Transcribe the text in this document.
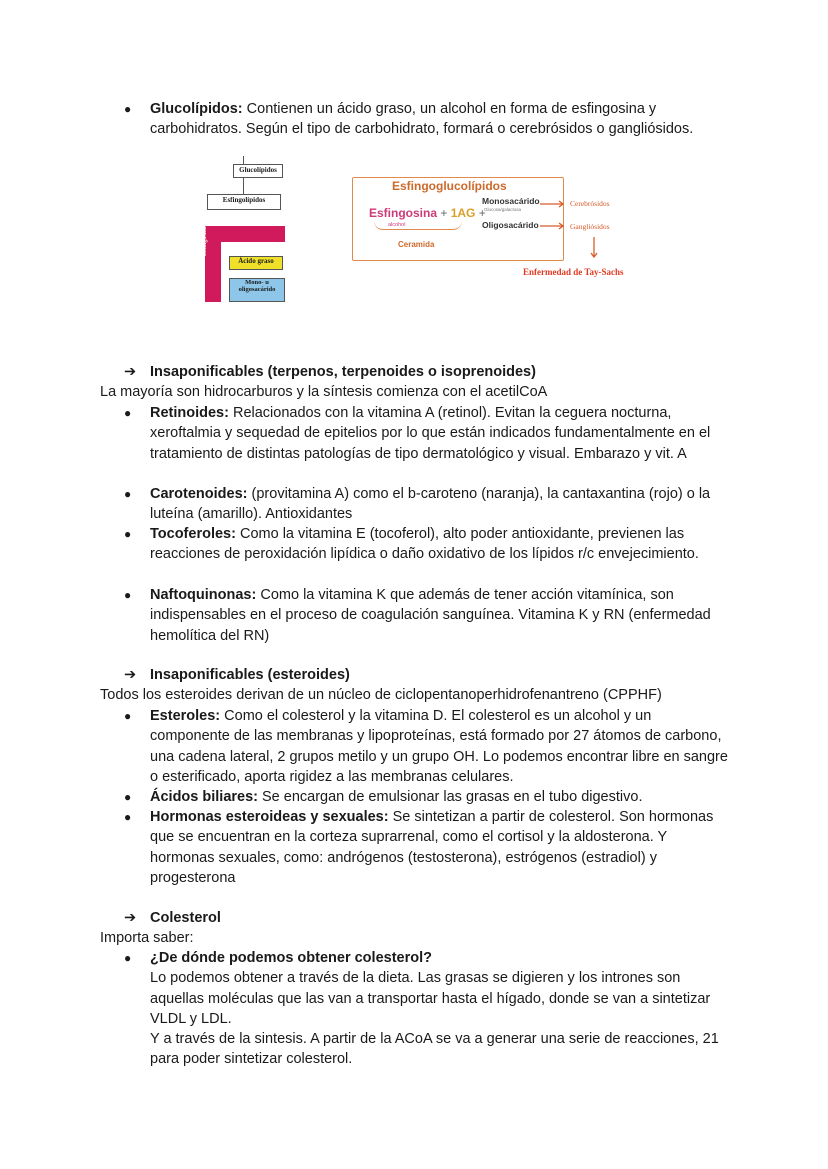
● Glucolípidos: Contienen un ácido graso, un alcohol en forma de esfingosina y carbohidratos. Según el tipo de carbohidrato, formará o cerebrósidos o gangliósidos.
Glucolípidos
Esfingolípidos
Esfingosina
Ácido graso
Mono- u oligosacárido
Esfingoglucolípidos
Esfingosina + 1AG +
alcohol
Ceramida
Monosacárido
Glucosa/galactosa
Oligosacárido
Cerebrósidos
Gangliósidos
Enfermedad de Tay-Sachs
➔ Insaponificables (terpenos, terpenoides o isoprenoides)
La mayoría son hidrocarburos y la síntesis comienza con el acetilCoA
● Retinoides: Relacionados con la vitamina A (retinol). Evitan la ceguera nocturna, xeroftalmia y sequedad de epitelios por lo que están indicados fundamentalmente en el tratamiento de distintas patologías de tipo dermatológico y visual. Embarazo y vit. A
● Carotenoides: (provitamina A) como el b-caroteno (naranja), la cantaxantina (rojo) o la luteína (amarillo). Antioxidantes
● Tocoferoles: Como la vitamina E (tocoferol), alto poder antioxidante, previenen las reacciones de peroxidación lipídica o daño oxidativo de los lípidos r/c envejecimiento.
● Naftoquinonas: Como la vitamina K que además de tener acción vitamínica, son indispensables en el proceso de coagulación sanguínea. Vitamina K y RN (enfermedad hemolítica del RN)
➔ Insaponificables (esteroides)
Todos los esteroides derivan de un núcleo de ciclopentanoperhidrofenantreno (CPPHF)
● Esteroles: Como el colesterol y la vitamina D. El colesterol es un alcohol y un componente de las membranas y lipoproteínas, está formado por 27 átomos de carbono, una cadena lateral, 2 grupos metilo y un grupo OH. Lo podemos encontrar libre en sangre o esterificado, aporta rigidez a las membranas celulares.
● Ácidos biliares: Se encargan de emulsionar las grasas en el tubo digestivo.
● Hormonas esteroideas y sexuales: Se sintetizan a partir de colesterol. Son hormonas que se encuentran en la corteza suprarrenal, como el cortisol y la aldosterona. Y hormonas sexuales, como: andrógenos (testosterona), estrógenos (estradiol) y progesterona
➔ Colesterol
Importa saber:
● ¿De dónde podemos obtener colesterol?
Lo podemos obtener a través de la dieta. Las grasas se digieren y los intrones son aquellas moléculas que las van a transportar hasta el hígado, donde se van a sintetizar VLDL y LDL.
Y a través de la sintesis. A partir de la ACoA se va a generar una serie de reacciones, 21 para poder sintetizar colesterol.
